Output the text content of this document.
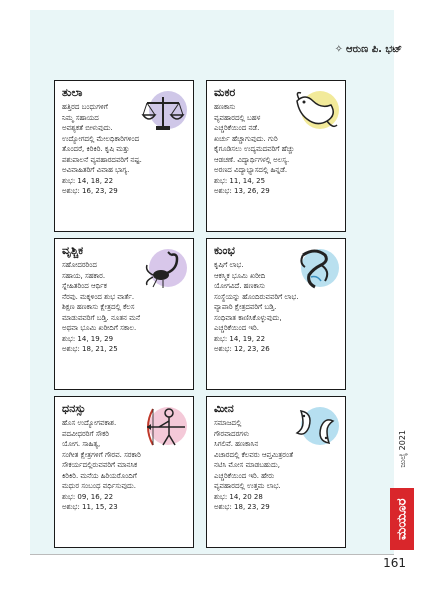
✧ ಆರುಣ ಪಿ. ಭಟ್
ತುಲಾ
ಹತ್ತಿರದ ಬಂಧುಗಳಿಗೆ
ನಿಮ್ಮ ಸಹಾಯದ
ಅವಶ್ಯಕತೆ ಬೀಳುವುದು.
ಉದ್ಯೋಗದಲ್ಲಿ ಮೇಲಧಿಕಾರಿಗಳಿಂದ
ತೊಂದರೆ, ಕಿರಿಕಿರಿ. ಕೃಷಿ ಮತ್ತು
ಪಶುಪಾಲನೆ ವ್ಯವಹಾರದವರಿಗೆ ನಷ್ಟ.
ಅವಿವಾಹಿತರಿಗೆ ವಿವಾಹ ಭಾಗ್ಯ.
ಶುಭ: 14, 18, 22
ಅಶುಭ: 16, 23, 29
ಮಕರ
ಹಣಕಾಸು
ವ್ಯವಹಾರದಲ್ಲಿ ಬಹಳ
ಎಚ್ಚರಿಕೆಯಿಂದ ನಡೆ.
ಖರ್ಚು ಹೆಚ್ಚಾಗುವುದು. ಗುರಿ
ಕೈಗೂಡಿಸಲು ಉದ್ಯಮದವರಿಗೆ ಹೆಚ್ಚು
ಆಡಚಣೆ. ವಿದ್ಯಾರ್ಥಿಗಳಲ್ಲಿ ಅಲಸ್ಯ.
ಅರಣದ ವಿದ್ಯಾಭ್ಯಾಸದಲ್ಲಿ ಹಿನ್ನಡೆ.
ಶುಭ: 11, 14, 25
ಅಶುಭ: 13, 26, 29
ವೃಶ್ಚಿಕ
ಸಹೋದರರಿಂದ
ಸಹಾಯ, ಸಹಕಾರ.
ಸ್ನೇಹಿತರಿಂದ ಆರ್ಥಿಕ
ನೆರವು. ಮಕ್ಕಳಿಂದ ಶುಭ ವಾರ್ತೆ.
ಶಿಕ್ಷಣ ಹಣಕಾಸು ಕ್ಷೇತ್ರದಲ್ಲಿ ಕೆಲಸ
ಮಾಡುವವರಿಗೆ ಬಡ್ತಿ. ನೂತನ ಮನೆ
ಅಥವಾ ಭೂಮಿ ಖರೀದಿಗೆ ಸಕಾಲ.
ಶುಭ: 14, 19, 29
ಅಶುಭ: 18, 21, 25
ಕುಂಭ
ಕೃಷಿಗೆ ಲಾಭ.
ಆಕಸ್ಮಿಕ ಭೂಮಿ ಖರೀದಿ
ಯೋಗವಿದೆ. ಹಣಕಾಸು
ಸಂಸ್ಥೆಯನ್ನು ಹೊಂದಿರುವವರಿಗೆ ಲಾಭ.
ವ್ಯಾಪಾರಿ ಕ್ಷೇತ್ರದವರಿಗೆ ಬಡ್ತಿ.
ಸಂಧಿವಾತ ಕಾಣಿಸಿಕೊಳ್ಳುವುದು,
ಎಚ್ಚರಿಕೆಯಿಂದ ಇರಿ.
ಶುಭ: 14, 19, 22
ಅಶುಭ: 12, 23, 26
ಧನಸ್ಸು
ಹೊಸ ಉದ್ಯೋಗವಕಾಶ.
ಪದವೀಧರರಿಗೆ ಸೌಕರಿ
ಯೋಗ. ಸಾಹಿತ್ಯ,
ಸಂಗೀತ ಕ್ಷೇತ್ರಗಳಿಗೆ ಗೌರವ. ಸರಕಾರಿ
ಸೌಕರ್ಯದಲ್ಲಿರುವವರಿಗೆ ಮಾನಸಿಕ
ಕಿರಿಕಿರಿ. ಮನೆಯ ಹಿರಿಯರೊಂದಿಗೆ
ಮಧುರ ಸಂಬಂಧ ವರ್ಧಿಸುವುದು.
ಶುಭ: 09, 16, 22
ಅಶುಭ: 11, 15, 23
ಮೀನ
ಸಮಾಜದಲ್ಲಿ
ಗೌರವಾದರಗಳು
ಸಿಗಲಿವೆ. ಹಣಕಾಸಿನ
ವಿಚಾರದಲ್ಲಿ ಕೆಲವರು ಆಪ್ತಮಿತ್ರರಂತೆ
ನಟಿಸಿ ಮೋಸ ಮಾಡಬಹುದು,
ಎಚ್ಚರಿಕೆಯಿಂದ ಇರಿ. ಹೇರು
ವ್ಯವಹಾರದಲ್ಲಿ ಉತ್ತಮ ಲಾಭ.
ಶುಭ: 14, 20 28
ಅಶುಭ: 18, 23, 29
ಜುಲೈ 2021
ಮಯೂರ
161
